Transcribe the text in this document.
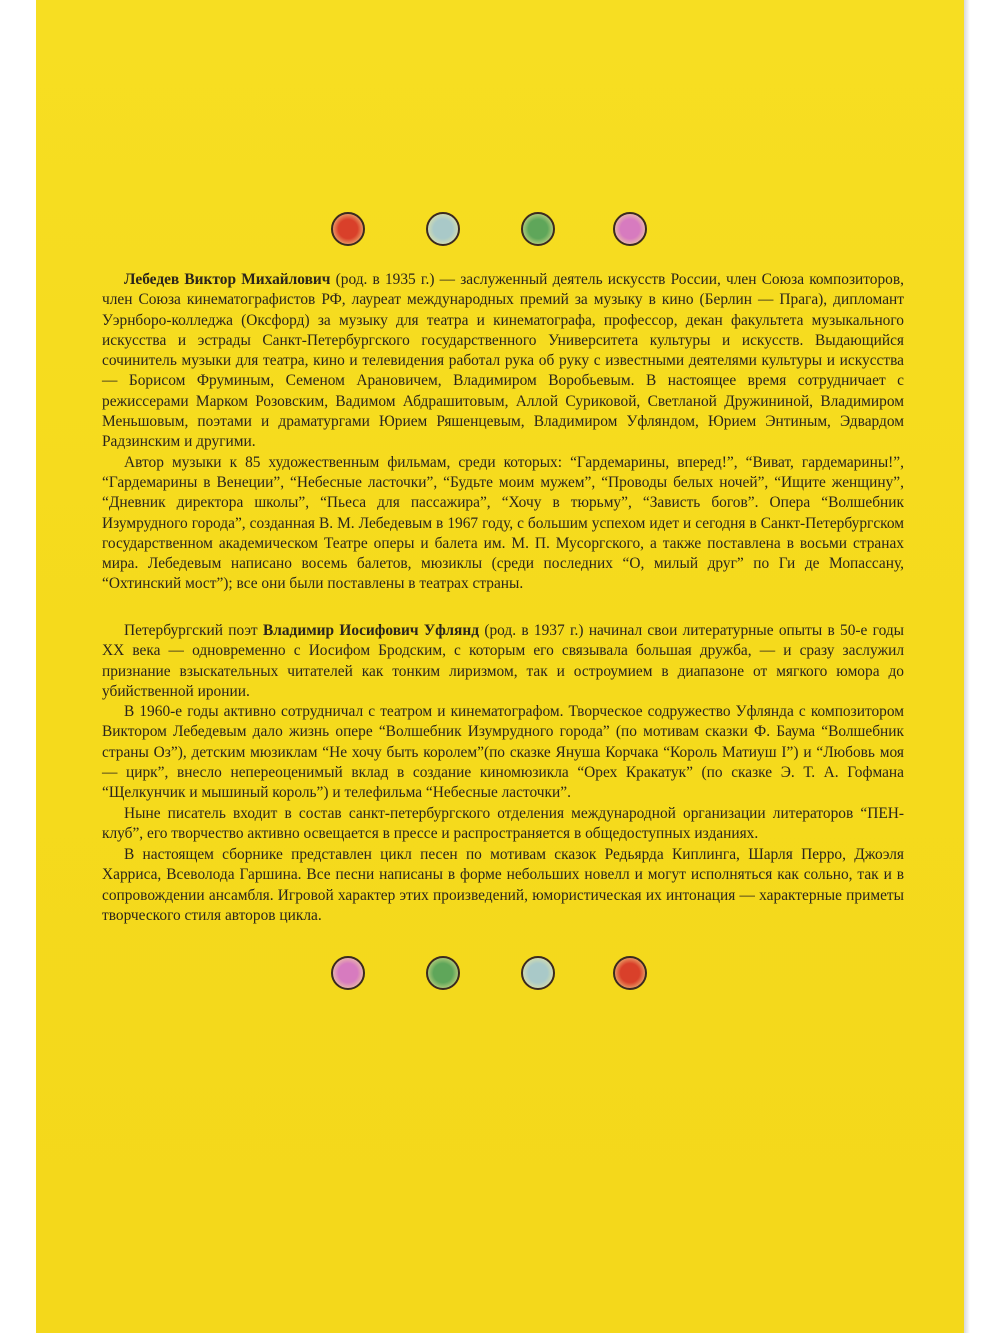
Лебедев Виктор Михайлович (род. в 1935 г.) — заслуженный деятель искусств России, член Союза композиторов, член Союза кинематографистов РФ, лауреат международных премий за музыку в кино (Берлин — Прага), дипломант Уэрнборо-колледжа (Оксфорд) за музыку для театра и кинематографа, профессор, декан факультета музыкального искусства и эстрады Санкт-Петербургского государственного Университета культуры и искусств. Выдающийся сочинитель музыки для театра, кино и телевидения работал рука об руку с известными деятелями культуры и искусства — Борисом Фруминым, Семеном Арановичем, Владимиром Воробьевым. В настоящее время сотрудничает с режиссерами Марком Розовским, Вадимом Абдрашитовым, Аллой Суриковой, Светланой Дружининой, Владимиром Меньшовым, поэтами и драматургами Юрием Ряшенцевым, Владимиром Уфляндом, Юрием Энтиным, Эдвардом Радзинским и другими.

Автор музыки к 85 художественным фильмам, среди которых: “Гардемарины, вперед!”, “Виват, гардемарины!”, “Гардемарины в Венеции”, “Небесные ласточки”, “Будьте моим мужем”, “Проводы белых ночей”, “Ищите женщину”, “Дневник директора школы”, “Пьеса для пассажира”, “Хочу в тюрьму”, “Зависть богов”. Опера “Волшебник Изумрудного города”, созданная В. М. Лебедевым в 1967 году, с большим успехом идет и сегодня в Санкт-Петербургском государственном академическом Театре оперы и балета им. М. П. Мусоргского, а также поставлена в восьми странах мира. Лебедевым написано восемь балетов, мюзиклы (среди последних “О, милый друг” по Ги де Мопассану, “Охтинский мост”); все они были поставлены в театрах страны.

Петербургский поэт Владимир Иосифович Уфлянд (род. в 1937 г.) начинал свои литературные опыты в 50-е годы XX века — одновременно с Иосифом Бродским, с которым его связывала большая дружба, — и сразу заслужил признание взыскательных читателей как тонким лиризмом, так и остроумием в диапазоне от мягкого юмора до убийственной иронии.

В 1960-е годы активно сотрудничал с театром и кинематографом. Творческое содружество Уфлянда с композитором Виктором Лебедевым дало жизнь опере “Волшебник Изумрудного города” (по мотивам сказки Ф. Баума “Волшебник страны Оз”), детским мюзиклам “Не хочу быть королем”(по сказке Януша Корчака “Король Матиуш I”) и “Любовь моя — цирк”, внесло непереоценимый вклад в создание киномюзикла “Орех Кракатук” (по сказке Э. Т. А. Гофмана “Щелкунчик и мышиный король”) и телефильма “Небесные ласточки”.

Ныне писатель входит в состав санкт-петербургского отделения международной организации литераторов “ПЕН-клуб”, его творчество активно освещается в прессе и распространяется в общедоступных изданиях.

В настоящем сборнике представлен цикл песен по мотивам сказок Редьярда Киплинга, Шарля Перро, Джоэля Харриса, Всеволода Гаршина. Все песни написаны в форме небольших новелл и могут исполняться как сольно, так и в сопровождении ансамбля. Игровой характер этих произведений, юмористическая их интонация — характерные приметы творческого стиля авторов цикла.
